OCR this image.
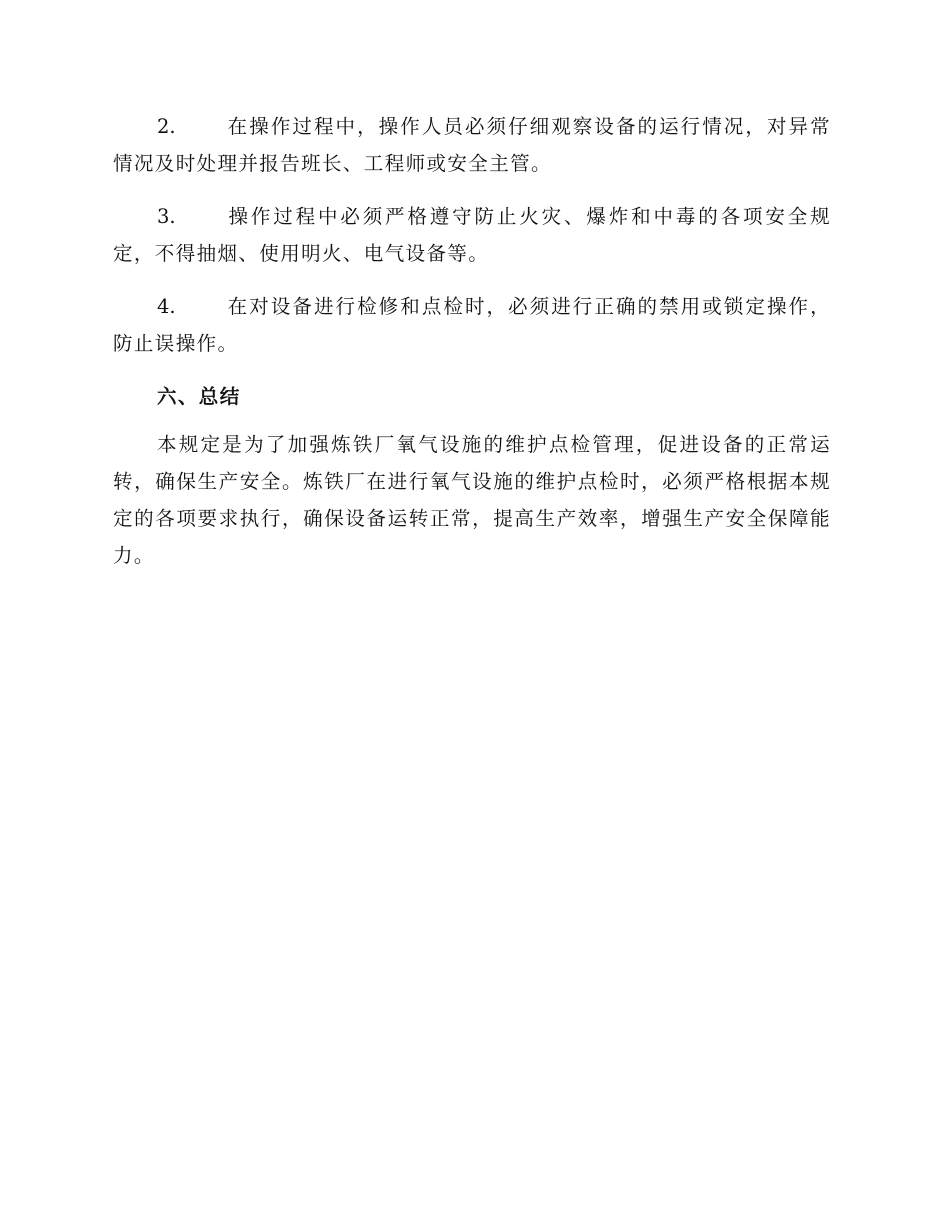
2.	在操作过程中，操作人员必须仔细观察设备的运行情况，对异常情况及时处理并报告班长、工程师或安全主管。

3.	操作过程中必须严格遵守防止火灾、爆炸和中毒的各项安全规定，不得抽烟、使用明火、电气设备等。

4.	在对设备进行检修和点检时，必须进行正确的禁用或锁定操作，防止误操作。

六、总结

本规定是为了加强炼铁厂氧气设施的维护点检管理，促进设备的正常运转，确保生产安全。炼铁厂在进行氧气设施的维护点检时，必须严格根据本规定的各项要求执行，确保设备运转正常，提高生产效率，增强生产安全保障能力。
